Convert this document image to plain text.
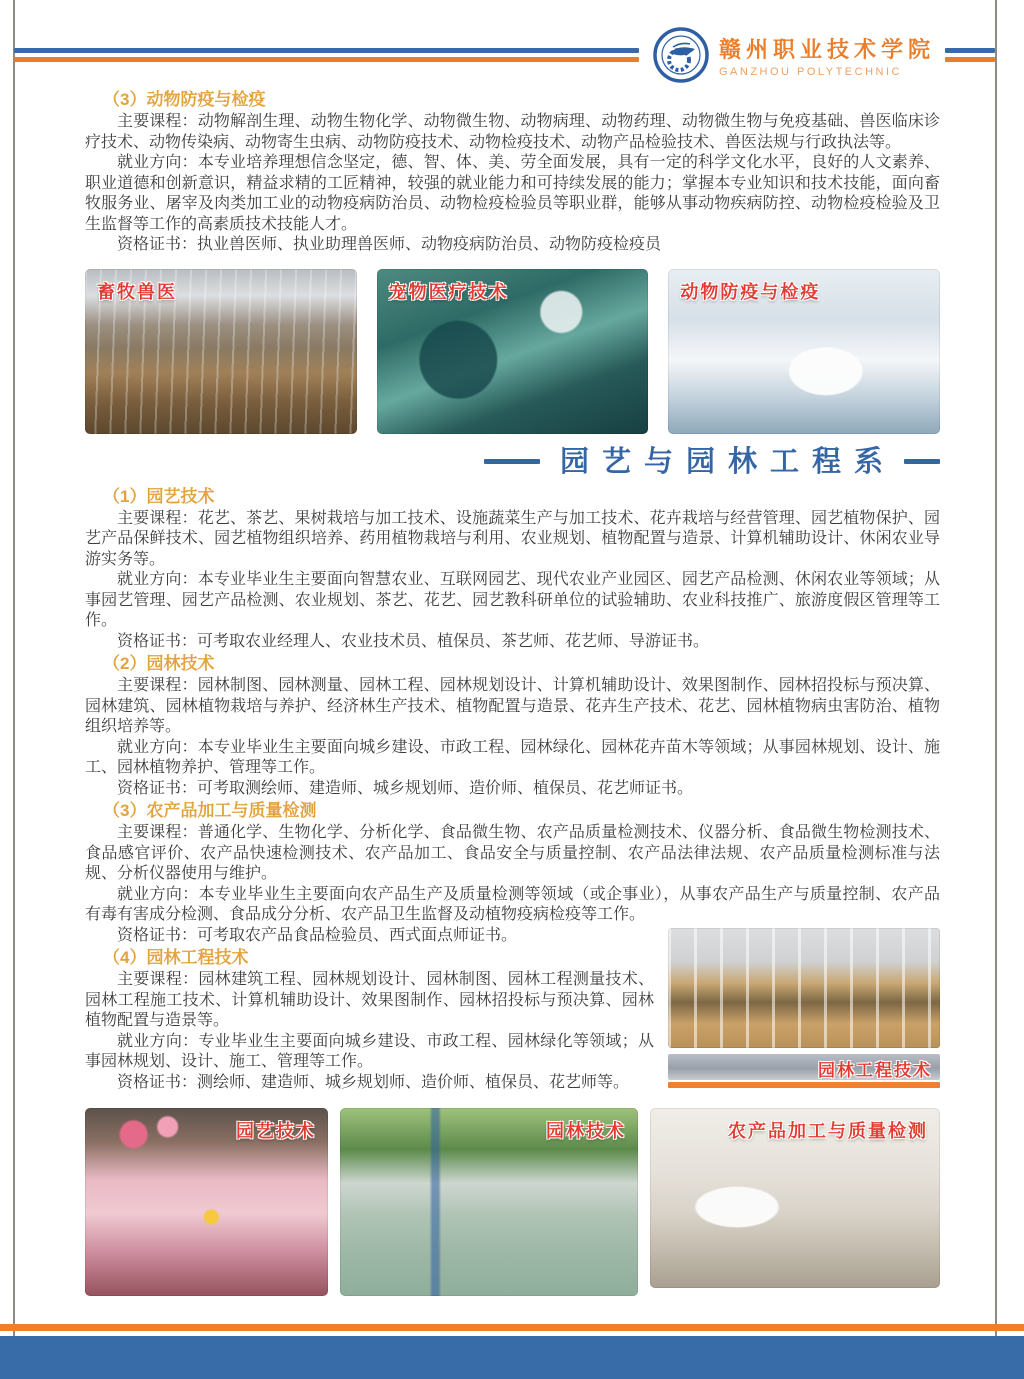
赣州职业技术学院
GANZHOU POLYTECHNIC
（3）动物防疫与检疫

主要课程：动物解剖生理、动物生物化学、动物微生物、动物病理、动物药理、动物微生物与免疫基础、兽医临床诊疗技术、动物传染病、动物寄生虫病、动物防疫技术、动物检疫技术、动物产品检验技术、兽医法规与行政执法等。

就业方向：本专业培养理想信念坚定，德、智、体、美、劳全面发展，具有一定的科学文化水平，良好的人文素养、职业道德和创新意识，精益求精的工匠精神，较强的就业能力和可持续发展的能力；掌握本专业知识和技术技能，面向畜牧服务业、屠宰及肉类加工业的动物疫病防治员、动物检疫检验员等职业群，能够从事动物疾病防控、动物检疫检验及卫生监督等工作的高素质技术技能人才。

资格证书：执业兽医师、执业助理兽医师、动物疫病防治员、动物防疫检疫员

畜牧兽医	宠物医疗技术	动物防疫与检疫
园艺与园林工程系
（1）园艺技术

主要课程：花艺、茶艺、果树栽培与加工技术、设施蔬菜生产与加工技术、花卉栽培与经营管理、园艺植物保护、园艺产品保鲜技术、园艺植物组织培养、药用植物栽培与利用、农业规划、植物配置与造景、计算机辅助设计、休闲农业导游实务等。

就业方向：本专业毕业生主要面向智慧农业、互联网园艺、现代农业产业园区、园艺产品检测、休闲农业等领域；从事园艺管理、园艺产品检测、农业规划、茶艺、花艺、园艺教科研单位的试验辅助、农业科技推广、旅游度假区管理等工作。

资格证书：可考取农业经理人、农业技术员、植保员、茶艺师、花艺师、导游证书。

（2）园林技术

主要课程：园林制图、园林测量、园林工程、园林规划设计、计算机辅助设计、效果图制作、园林招投标与预决算、园林建筑、园林植物栽培与养护、经济林生产技术、植物配置与造景、花卉生产技术、花艺、园林植物病虫害防治、植物组织培养等。

就业方向：本专业毕业生主要面向城乡建设、市政工程、园林绿化、园林花卉苗木等领域；从事园林规划、设计、施工、园林植物养护、管理等工作。

资格证书：可考取测绘师、建造师、城乡规划师、造价师、植保员、花艺师证书。

（3）农产品加工与质量检测

主要课程：普通化学、生物化学、分析化学、食品微生物、农产品质量检测技术、仪器分析、食品微生物检测技术、食品感官评价、农产品快速检测技术、农产品加工、食品安全与质量控制、农产品法律法规、农产品质量检测标准与法规、分析仪器使用与维护。

就业方向：本专业毕业生主要面向农产品生产及质量检测等领域（或企事业），从事农产品生产与质量控制、农产品有毒有害成分检测、食品成分分析、农产品卫生监督及动植物疫病检疫等工作。

园林工程技术

资格证书：可考取农产品食品检验员、西式面点师证书。

（4）园林工程技术

主要课程：园林建筑工程、园林规划设计、园林制图、园林工程测量技术、园林工程施工技术、计算机辅助设计、效果图制作、园林招投标与预决算、园林植物配置与造景等。

就业方向：专业毕业生主要面向城乡建设、市政工程、园林绿化等领域；从事园林规划、设计、施工、管理等工作。

资格证书：测绘师、建造师、城乡规划师、造价师、植保员、花艺师等。

园艺技术	园林技术	农产品加工与质量检测
